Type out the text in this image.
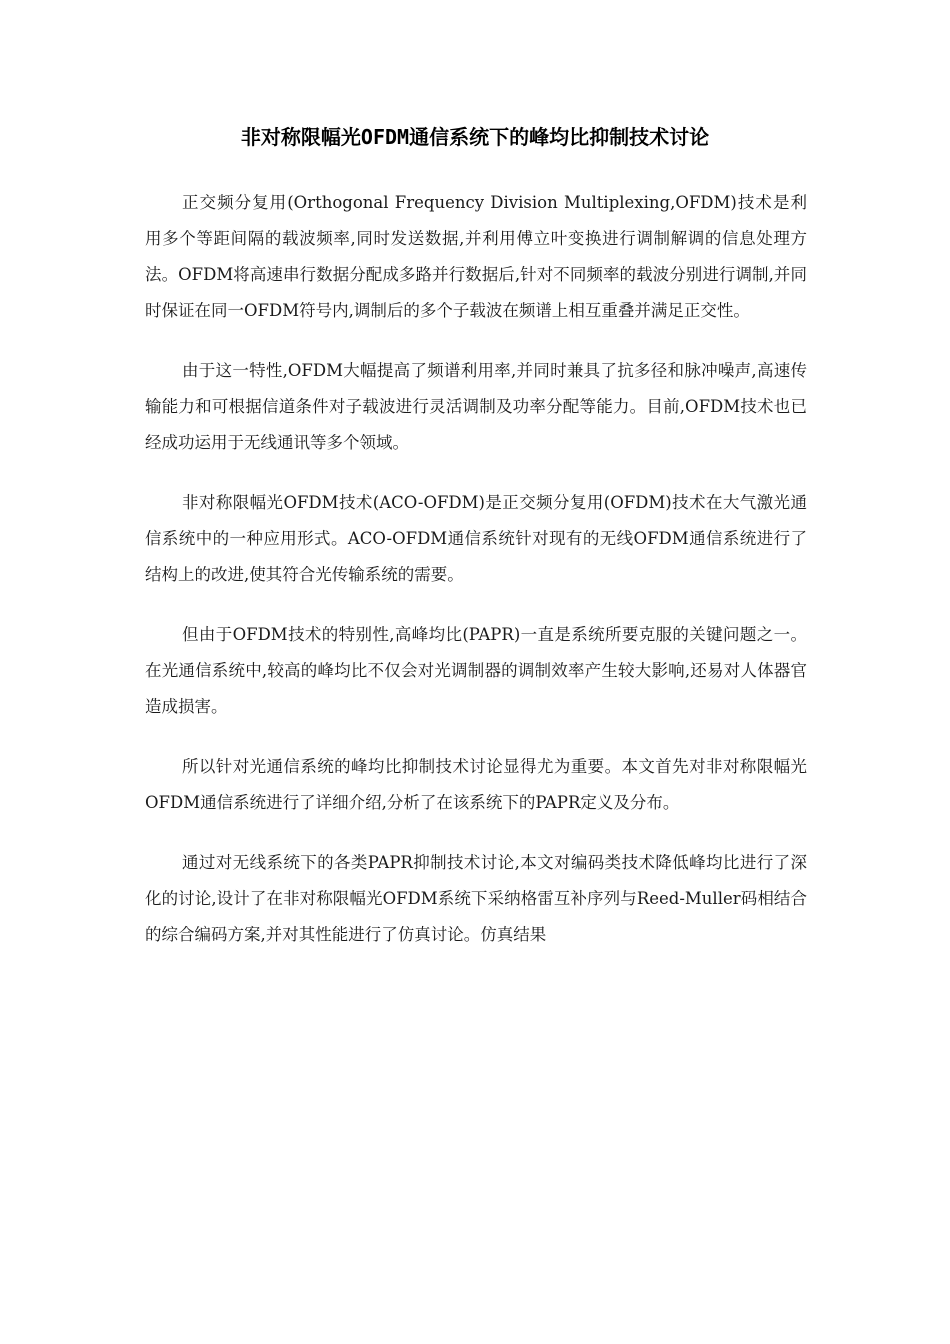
非对称限幅光OFDM通信系统下的峰均比抑制技术讨论

正交频分复用(Orthogonal Frequency Division Multiplexing,OFDM)技术是利用多个等距间隔的载波频率,同时发送数据,并利用傅立叶变换进行调制解调的信息处理方法。OFDM将高速串行数据分配成多路并行数据后,针对不同频率的载波分别进行调制,并同时保证在同一OFDM符号内,调制后的多个子载波在频谱上相互重叠并满足正交性。

由于这一特性,OFDM大幅提高了频谱利用率,并同时兼具了抗多径和脉冲噪声,高速传输能力和可根据信道条件对子载波进行灵活调制及功率分配等能力。目前,OFDM技术也已经成功运用于无线通讯等多个领域。

非对称限幅光OFDM技术(ACO-OFDM)是正交频分复用(OFDM)技术在大气激光通信系统中的一种应用形式。ACO-OFDM通信系统针对现有的无线OFDM通信系统进行了结构上的改进,使其符合光传输系统的需要。

但由于OFDM技术的特别性,高峰均比(PAPR)一直是系统所要克服的关键问题之一。在光通信系统中,较高的峰均比不仅会对光调制器的调制效率产生较大影响,还易对人体器官造成损害。

所以针对光通信系统的峰均比抑制技术讨论显得尤为重要。本文首先对非对称限幅光OFDM通信系统进行了详细介绍,分析了在该系统下的PAPR定义及分布。

通过对无线系统下的各类PAPR抑制技术讨论,本文对编码类技术降低峰均比进行了深化的讨论,设计了在非对称限幅光OFDM系统下采纳格雷互补序列与Reed-Muller码相结合的综合编码方案,并对其性能进行了仿真讨论。仿真结果
